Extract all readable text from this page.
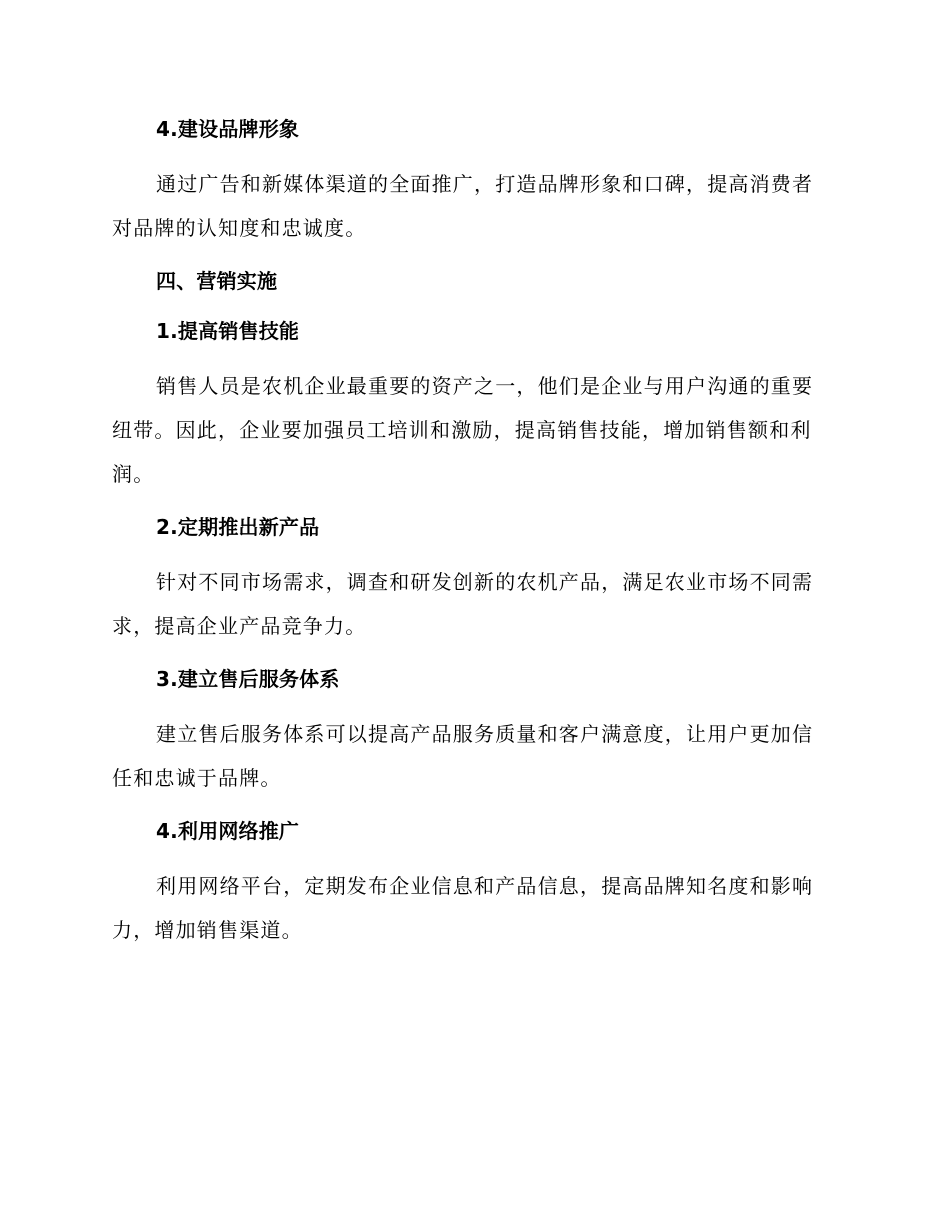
4.建设品牌形象
通过广告和新媒体渠道的全面推广，打造品牌形象和口碑，提高消费者
对品牌的认知度和忠诚度。
四、营销实施
1.提高销售技能
销售人员是农机企业最重要的资产之一，他们是企业与用户沟通的重要
纽带。因此，企业要加强员工培训和激励，提高销售技能，增加销售额和利
润。
2.定期推出新产品
针对不同市场需求，调查和研发创新的农机产品，满足农业市场不同需
求，提高企业产品竞争力。
3.建立售后服务体系
建立售后服务体系可以提高产品服务质量和客户满意度，让用户更加信
任和忠诚于品牌。
4.利用网络推广
利用网络平台，定期发布企业信息和产品信息，提高品牌知名度和影响
力，增加销售渠道。
